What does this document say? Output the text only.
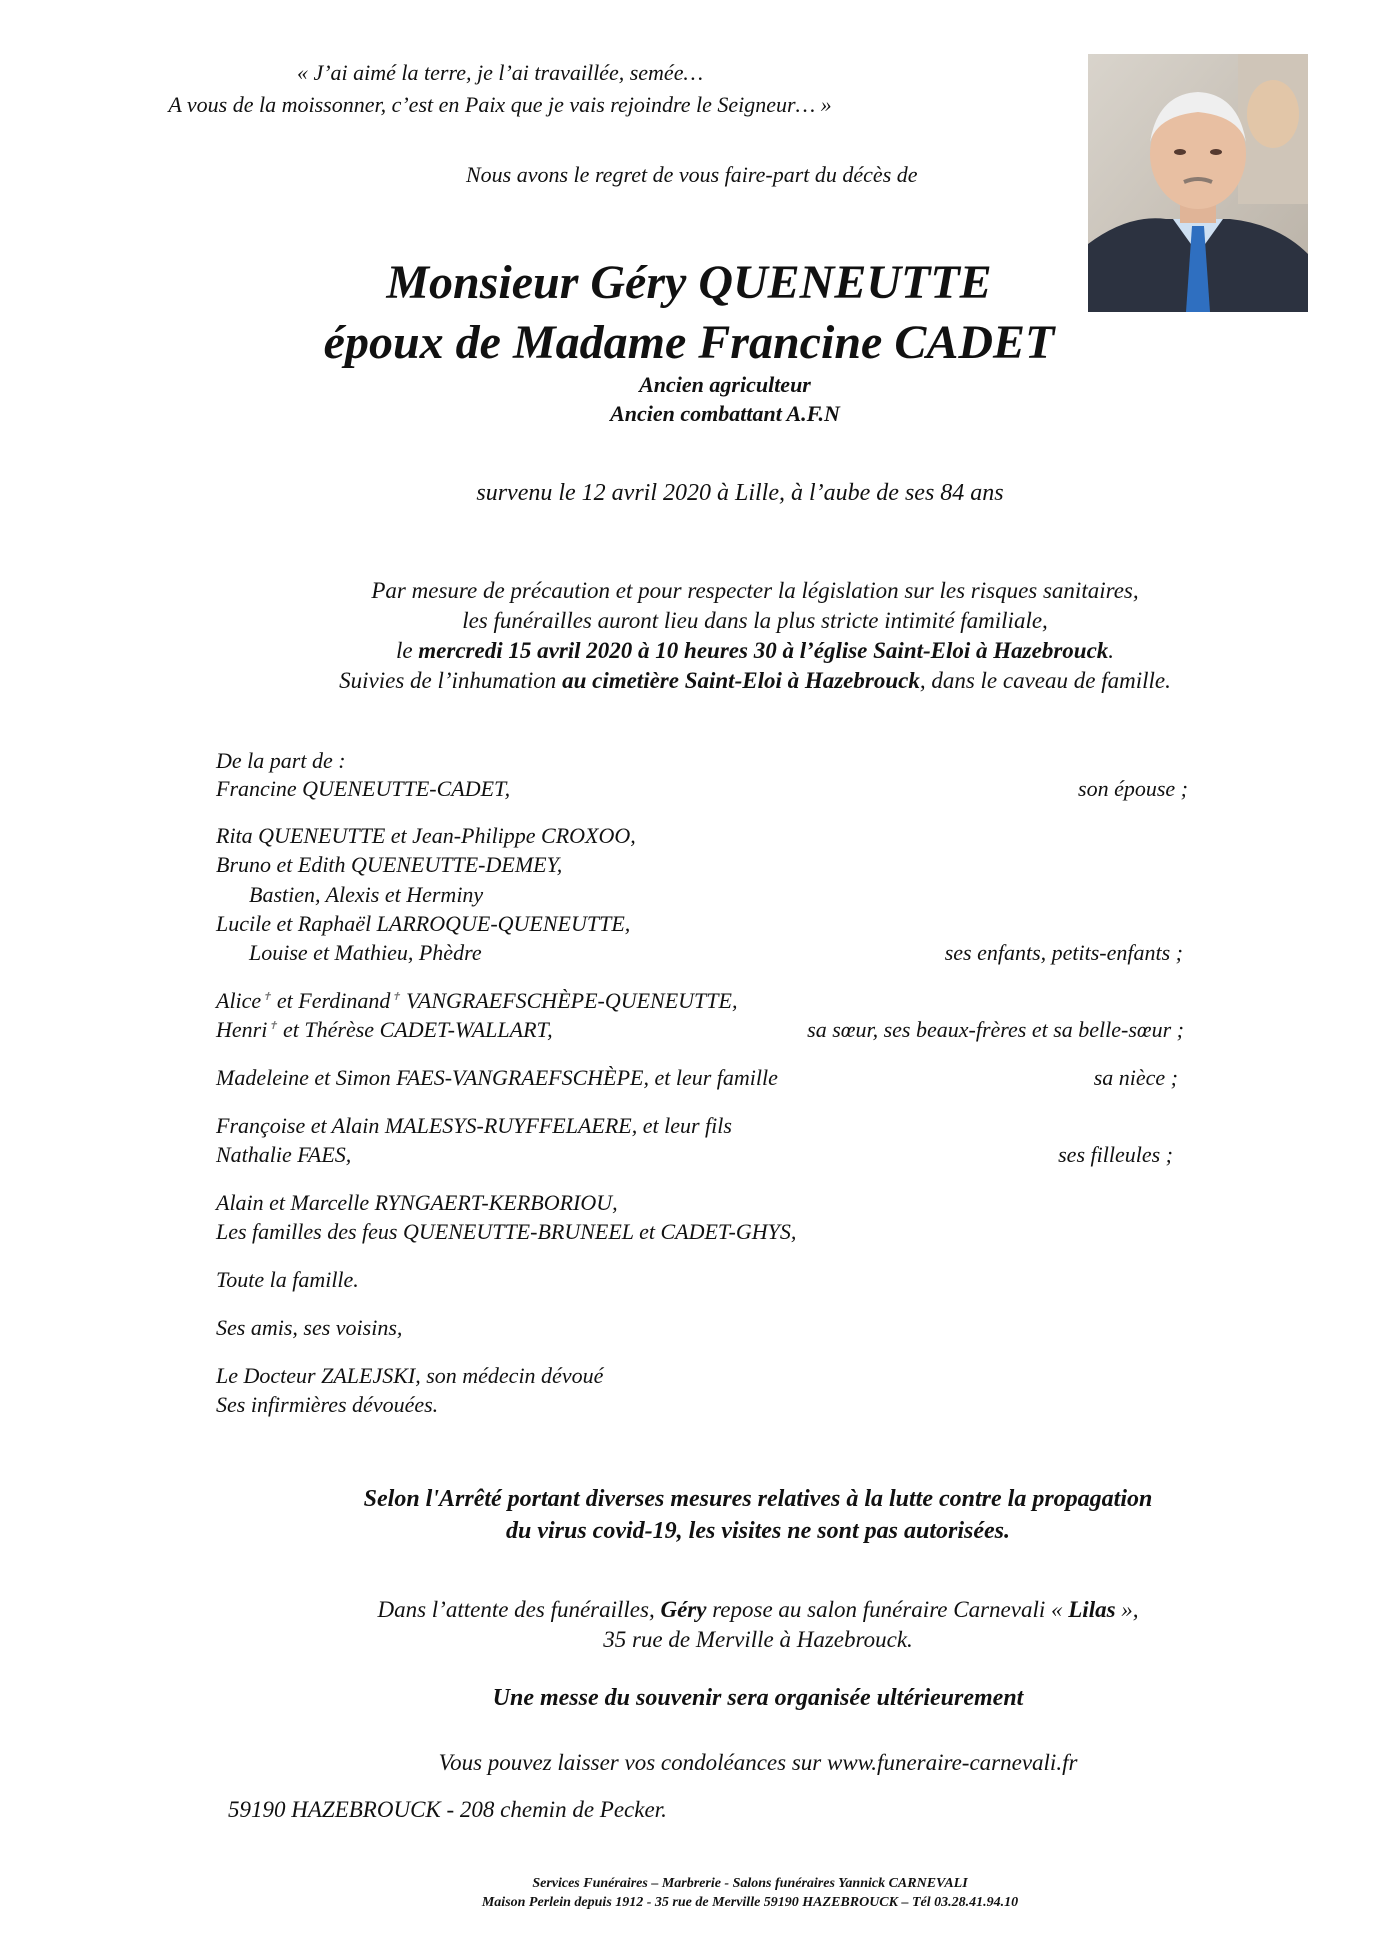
« J’ai aimé la terre, je l’ai travaillée, semée…
A vous de la moissonner, c’est en Paix que je vais rejoindre le Seigneur… »
Nous avons le regret de vous faire-part du décès de
Monsieur Géry QUENEUTTE
époux de Madame Francine CADET
Ancien agriculteur
Ancien combattant A.F.N
survenu le 12 avril 2020 à Lille, à l’aube de ses 84 ans
Par mesure de précaution et pour respecter la législation sur les risques sanitaires,
les funérailles auront lieu dans la plus stricte intimité familiale,
le mercredi 15 avril 2020 à 10 heures 30 à l’église Saint-Eloi à Hazebrouck.
Suivies de l’inhumation au cimetière Saint-Eloi à Hazebrouck, dans le caveau de famille.
De la part de :
Francine QUENEUTTE-CADET,	son épouse ;
Rita QUENEUTTE et Jean-Philippe CROXOO,
Bruno et Edith QUENEUTTE-DEMEY,
Bastien, Alexis et Herminy
Lucile et Raphaël LARROQUE-QUENEUTTE,
Louise et Mathieu, Phèdre	ses enfants, petits-enfants ;
Alice✝ et Ferdinand✝ VANGRAEFSCHÈPE-QUENEUTTE,
Henri✝ et Thérèse CADET-WALLART,	sa sœur, ses beaux-frères et sa belle-sœur ;
Madeleine et Simon FAES-VANGRAEFSCHÈPE, et leur famille	sa nièce ;
Françoise et Alain MALESYS-RUYFFELAERE, et leur fils
Nathalie FAES,	ses filleules ;
Alain et Marcelle RYNGAERT-KERBORIOU,
Les familles des feus QUENEUTTE-BRUNEEL et CADET-GHYS,
Toute la famille.
Ses amis, ses voisins,
Le Docteur ZALEJSKI, son médecin dévoué
Ses infirmières dévouées.
Selon l'Arrêté portant diverses mesures relatives à la lutte contre la propagation
du virus covid-19, les visites ne sont pas autorisées.
Dans l’attente des funérailles, Géry repose au salon funéraire Carnevali « Lilas »,
35 rue de Merville à Hazebrouck.
Une messe du souvenir sera organisée ultérieurement
Vous pouvez laisser vos condoléances sur www.funeraire-carnevali.fr
59190 HAZEBROUCK - 208 chemin de Pecker.
Services Funéraires – Marbrerie - Salons funéraires Yannick CARNEVALI
Maison Perlein depuis 1912 - 35 rue de Merville 59190 HAZEBROUCK – Tél 03.28.41.94.10
